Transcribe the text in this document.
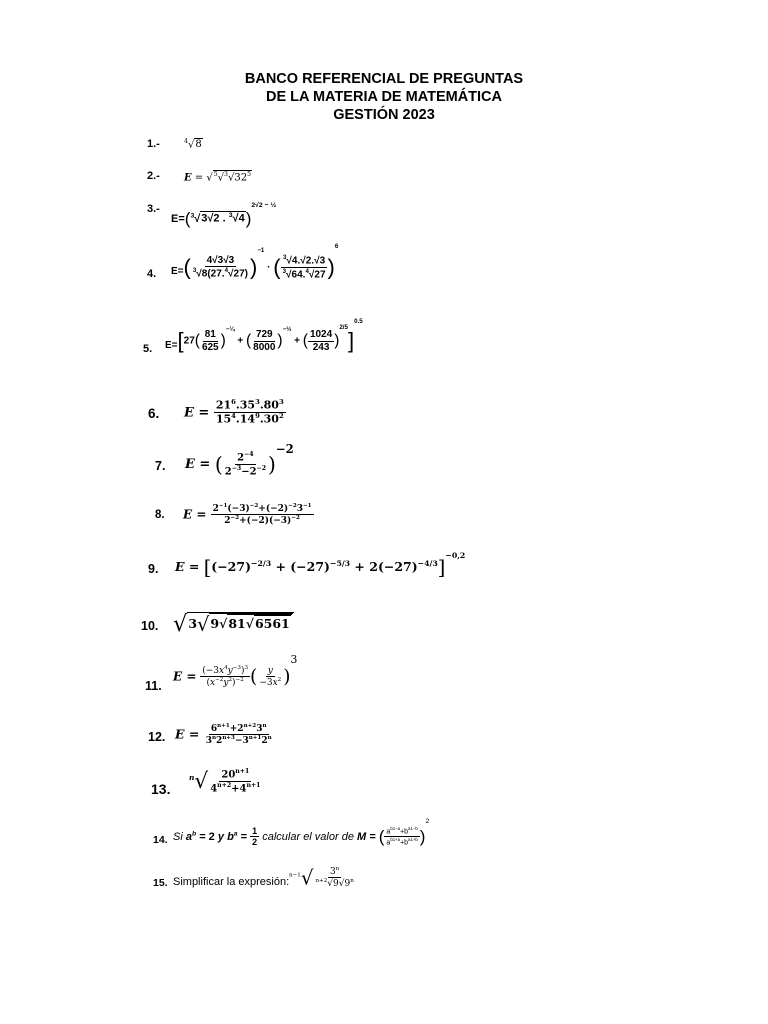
BANCO REFERENCIAL DE PREGUNTAS
DE LA MATERIA DE MATEMÁTICA
GESTIÓN 2023
1.-	$^4$√8
2.- $E = √^5√^3√32^5$
3.-
E=($^3$√3√2 . $^3$√4)$^{2√2 - \frac{1}{2}}$
4. $E=( \frac{4√3√3}{^3√8(27.^4√27)} )^{-1}$ · ( $\frac{^3√4.√2.√3}{^3√64.^4√27} )^6$
5. $E=[27( \frac{81}{625} )^{-\frac{1}{4}}$ + ( $\frac{729}{8000} )^{-\frac{1}{3}}$ + ( $\frac{1024}{243} )^{2/5}]^{0.5}$
6. $E = \frac{21^6.35^3.80^3}{15^4.14^9.30^2}$
7. E = ( $\frac{2^{-4}}{2^{-3}-2^{-2}} )^{-2}$
8. $E = \frac{2^{-1}(-3)^{-2}+(-2)^{-2}3^{-1}}{2^{-2}+(-2)(-3)^{-2}}$
9. $E = [(-27)^{-2/3} + (-27)^{-5/3} + 2(-27)^{-4/3}]^{-0,2}$
10. √3√9√81√6561
11.
$E = \frac{(-3x^4y^{-3})^3}{(x^{-2}y^2)^{-2}}$ ( $\frac{y}{-3x^2} )^3$
12. $E = \frac{6^{n+1}+2^{n+2}3^n}{3^n2^{n+3}-3^{n+1}2^n}$
13.
$^n√ \frac{20^{n+1}}{4^{n+2}+4^{n+1}}$
14. Si $a^b = 2$ y $b^a = \frac{1}{2}$ calcular el valor de M = ( $\frac{a^{b1-a}+b^{a1-b}}{a^{b1+a}+b^{a1+b}} )^2$
15. Simplificar la expresión:
$^{n-1}√ \frac{3^n}{^{n+2}√9√9^n}$
